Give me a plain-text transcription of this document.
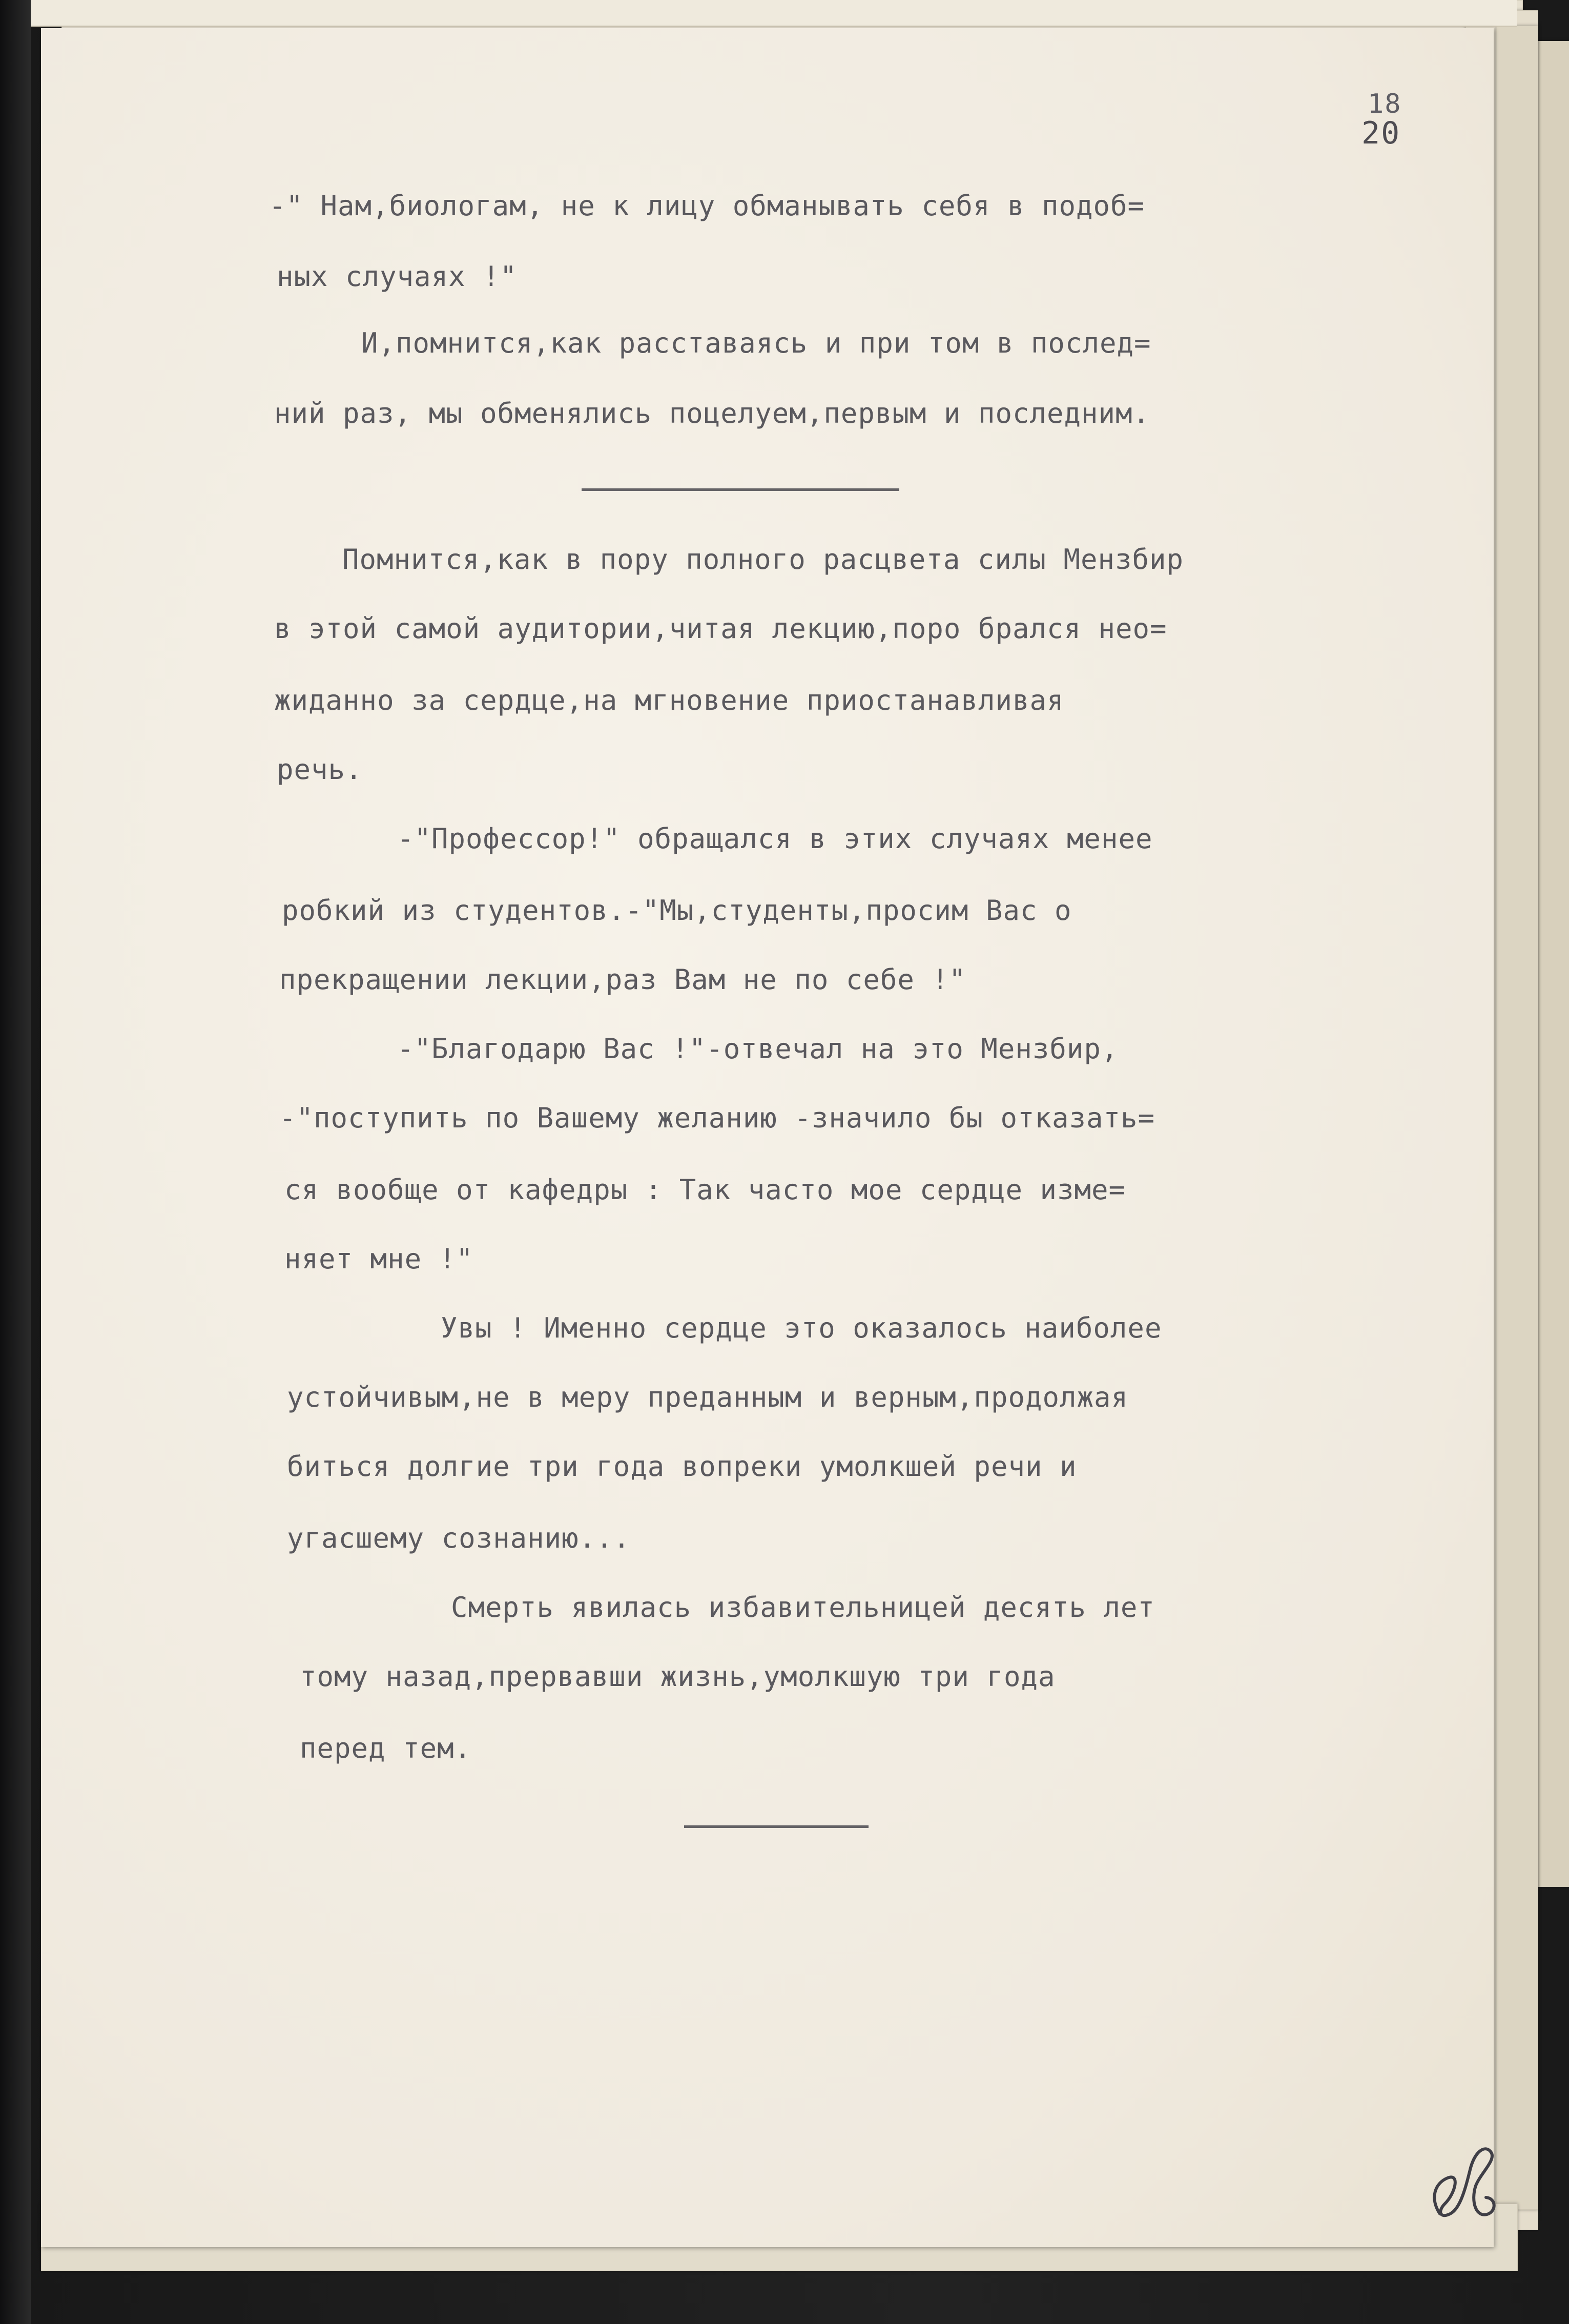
18
20
-" Нам,биологам, не к лицу обманывать себя в подоб=
ных случаях !"
И,помнится,как расставаясь и при том в послед=
ний раз, мы обменялись поцелуем,первым и последним.
Помнится,как в пору полного расцвета силы Мензбир
в этой самой аудитории,читая лекцию,поро брался нео=
жиданно за сердце,на мгновение приостанавливая
речь.
-"Профессор!" обращался в этих случаях менее
робкий из студентов.-"Мы,студенты,просим Вас о
прекращении лекции,раз Вам не по себе !"
-"Благодарю Вас !"-отвечал на это Мензбир,
-"поступить по Вашему желанию -значило бы отказать=
ся вообще от кафедры : Так часто мое сердце изме=
няет мне !"
Увы ! Именно сердце это оказалось наиболее
устойчивым,не в меру преданным и верным,продолжая
биться долгие три года вопреки умолкшей речи и
угасшему сознанию...
Смерть явилась избавительницей десять лет
тому назад,прервавши жизнь,умолкшую три года
перед тем.
